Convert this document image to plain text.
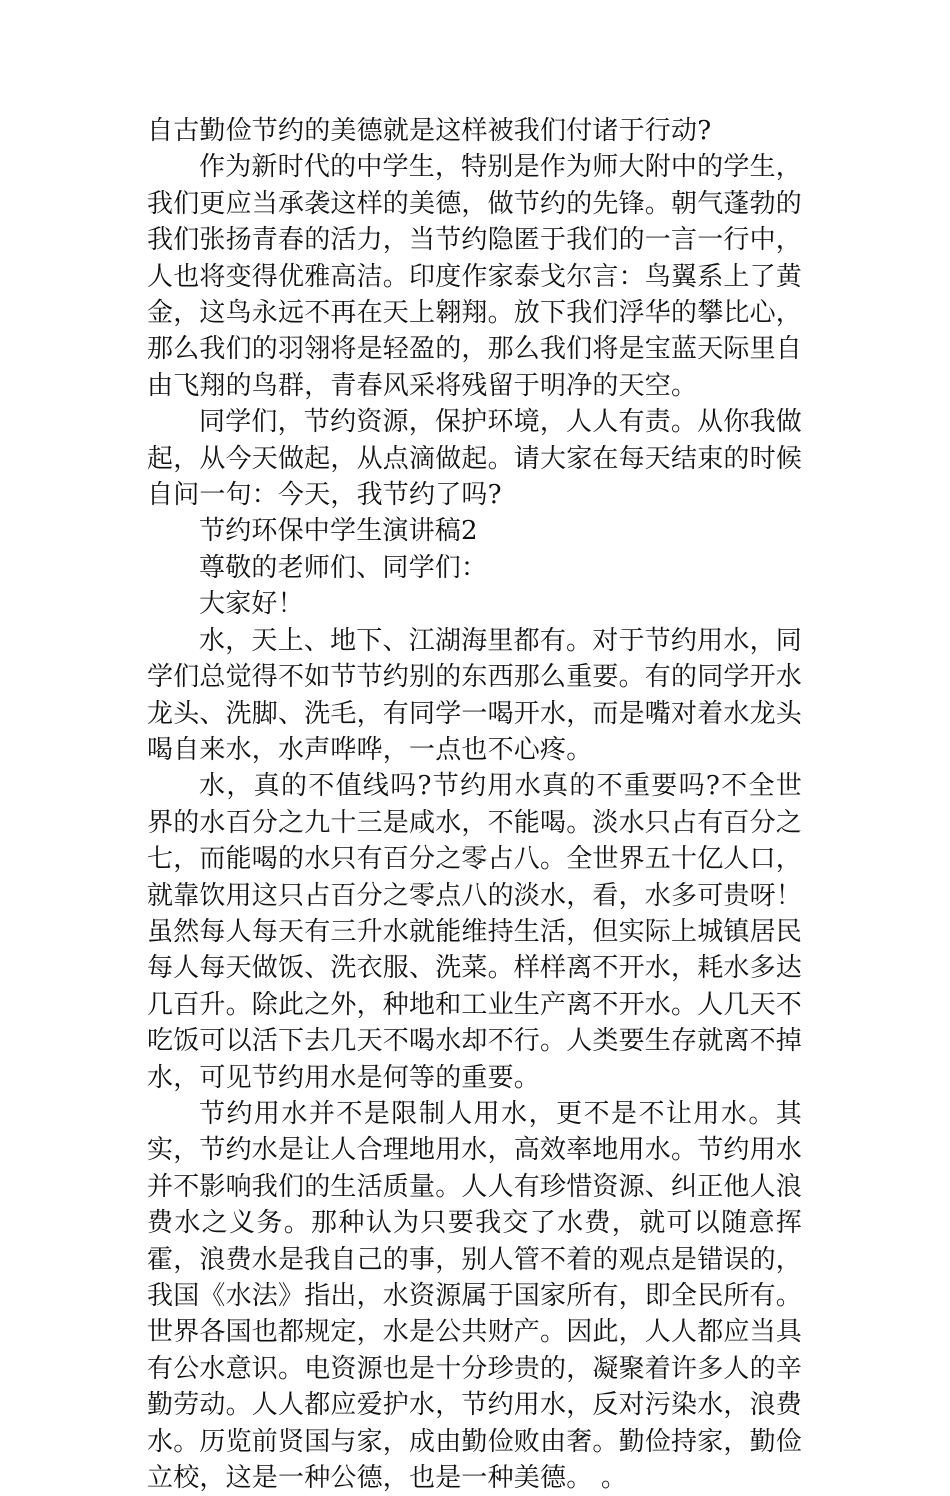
自古勤俭节约的美德就是这样被我们付诸于行动?

作为新时代的中学生，特别是作为师大附中的学生，我们更应当承袭这样的美德，做节约的先锋。朝气蓬勃的我们张扬青春的活力，当节约隐匿于我们的一言一行中，人也将变得优雅高洁。印度作家泰戈尔言：鸟翼系上了黄金，这鸟永远不再在天上翱翔。放下我们浮华的攀比心，那么我们的羽翎将是轻盈的，那么我们将是宝蓝天际里自由飞翔的鸟群，青春风采将残留于明净的天空。

同学们，节约资源，保护环境，人人有责。从你我做起，从今天做起，从点滴做起。请大家在每天结束的时候自问一句：今天，我节约了吗?

节约环保中学生演讲稿2

尊敬的老师们、同学们：

大家好！

水，天上、地下、江湖海里都有。对于节约用水，同学们总觉得不如节节约别的东西那么重要。有的同学开水龙头、洗脚、洗毛，有同学一喝开水，而是嘴对着水龙头喝自来水，水声哗哗，一点也不心疼。

水，真的不值线吗?节约用水真的不重要吗?不全世界的水百分之九十三是咸水，不能喝。淡水只占有百分之七，而能喝的水只有百分之零占八。全世界五十亿人口，就靠饮用这只占百分之零点八的淡水，看，水多可贵呀！虽然每人每天有三升水就能维持生活，但实际上城镇居民每人每天做饭、洗衣服、洗菜。样样离不开水，耗水多达几百升。除此之外，种地和工业生产离不开水。人几天不吃饭可以活下去几天不喝水却不行。人类要生存就离不掉水，可见节约用水是何等的重要。

节约用水并不是限制人用水，更不是不让用水。其实，节约水是让人合理地用水，高效率地用水。节约用水并不影响我们的生活质量。人人有珍惜资源、纠正他人浪费水之义务。那种认为只要我交了水费，就可以随意挥霍，浪费水是我自己的事，别人管不着的观点是错误的，我国《水法》指出，水资源属于国家所有，即全民所有。世界各国也都规定，水是公共财产。因此，人人都应当具有公水意识。电资源也是十分珍贵的，凝聚着许多人的辛勤劳动。人人都应爱护水，节约用水，反对污染水，浪费水。历览前贤国与家，成由勤俭败由奢。勤俭持家，勤俭立校，这是一种公德，也是一种美德。 。
